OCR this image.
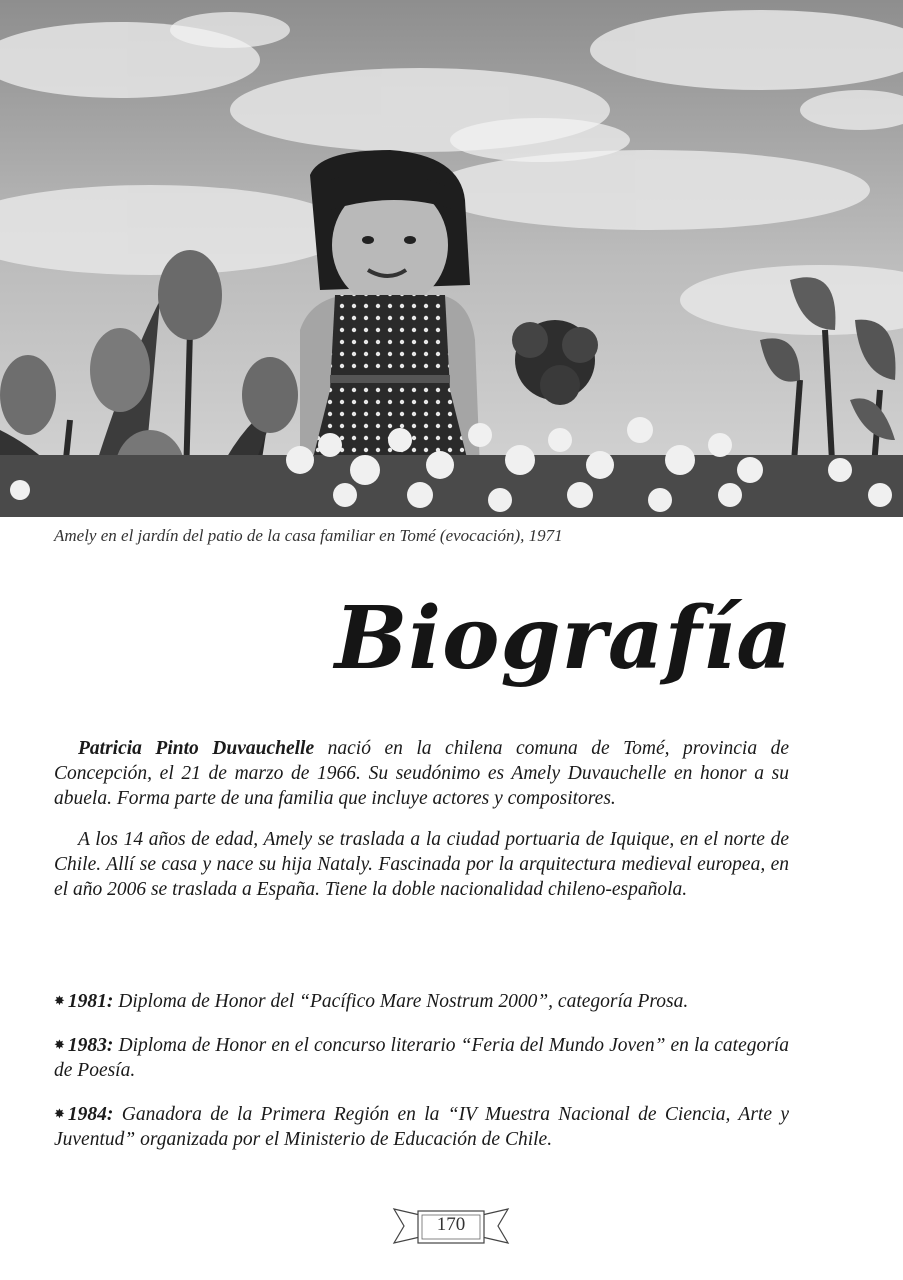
Amely en el jardín del patio de la casa familiar en Tomé (evocación), 1971
Biografía

Patricia Pinto Duvauchelle nació en la chilena comuna de Tomé, provincia de Concepción, el 21 de marzo de 1966. Su seudónimo es Amely Duvauchelle en honor a su abuela. Forma parte de una familia que incluye actores y compositores.

A los 14 años de edad, Amely se traslada a la ciudad portuaria de Iquique, en el norte de Chile. Allí se casa y nace su hija Nataly. Fascinada por la arquitectura medieval europea, en el año 2006 se traslada a España. Tiene la doble nacionalidad chileno-española.

✸ 1981: Diploma de Honor del “Pacífico Mare Nostrum 2000”, categoría Prosa.
✸ 1983: Diploma de Honor en el concurso literario “Feria del Mundo Joven” en la categoría de Poesía.
✸ 1984: Ganadora de la Primera Región en la “IV Muestra Nacional de Ciencia, Arte y Juventud” organizada por el Ministerio de Educación de Chile.
170
